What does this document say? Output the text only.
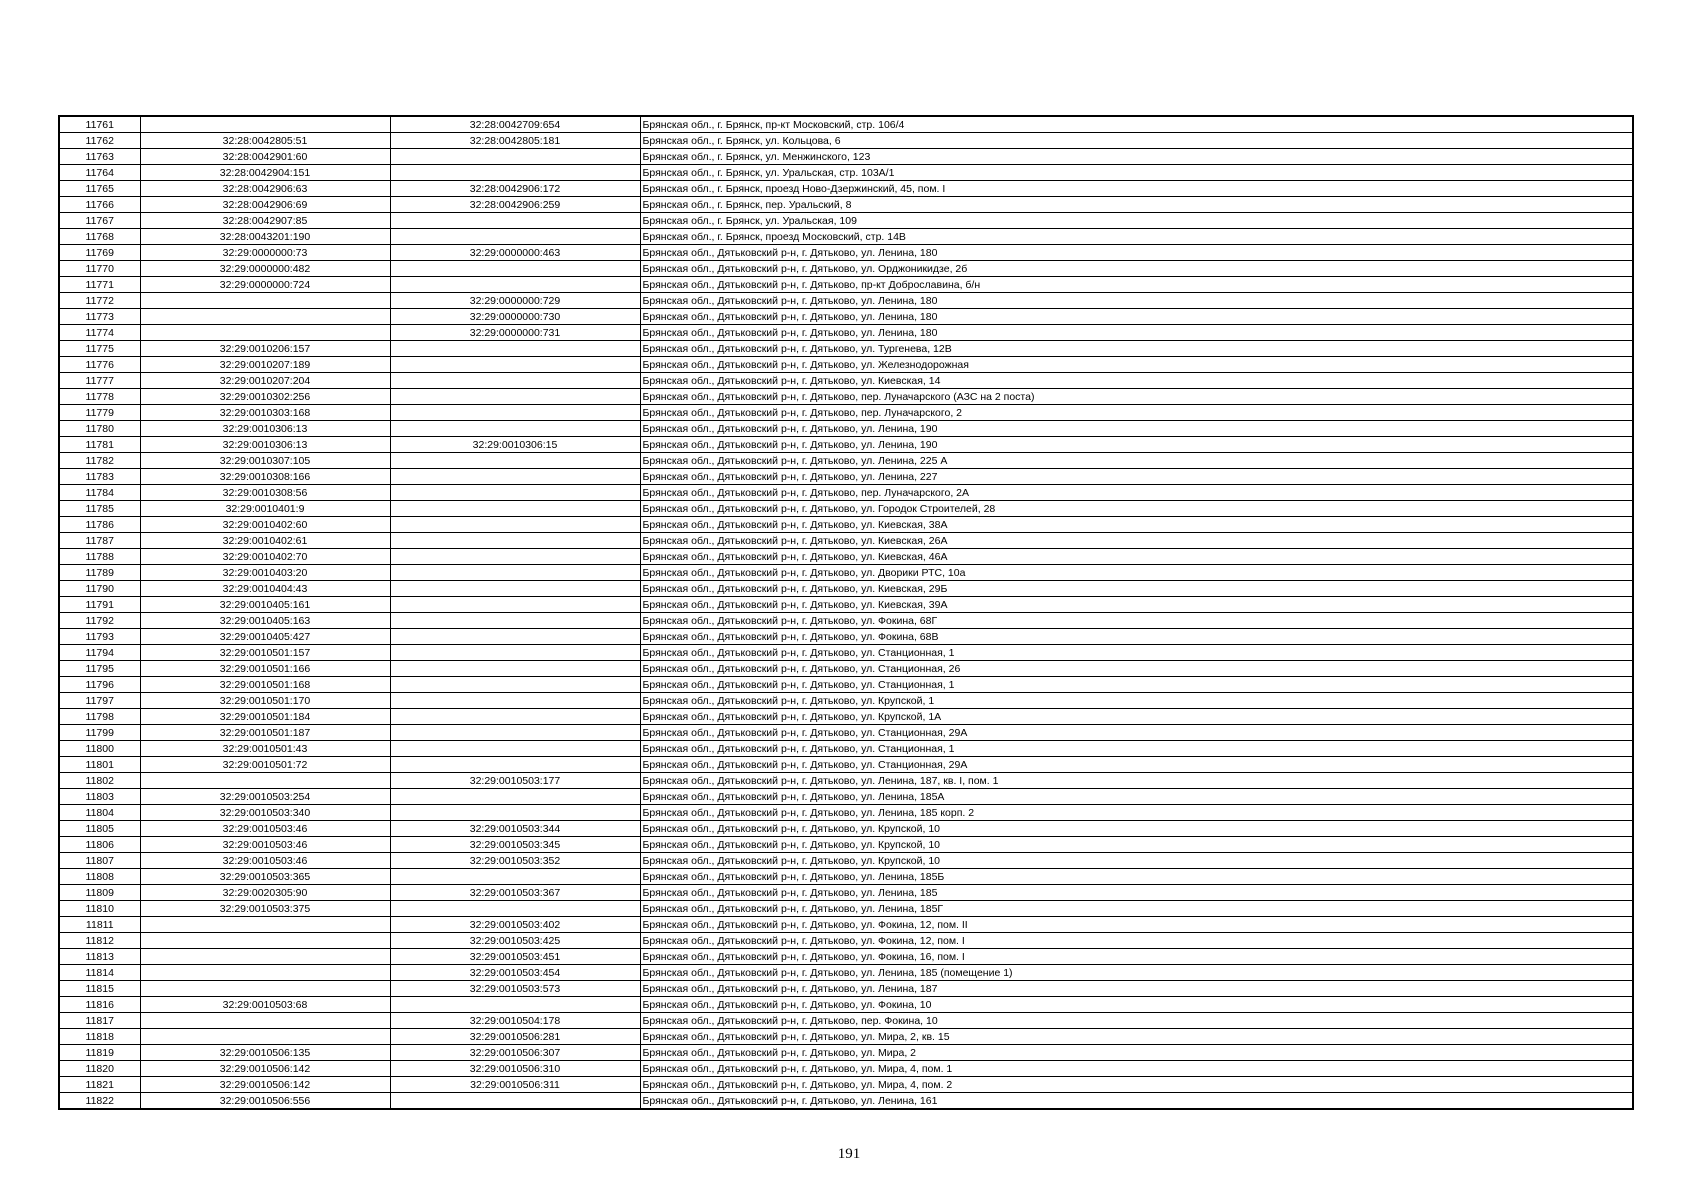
11761		32:28:0042709:654	Брянская обл., г. Брянск, пр-кт Московский, стр. 106/4
11762	32:28:0042805:51	32:28:0042805:181	Брянская обл., г. Брянск, ул. Кольцова, 6
11763	32:28:0042901:60		Брянская обл., г. Брянск, ул. Менжинского, 123
11764	32:28:0042904:151		Брянская обл., г. Брянск, ул. Уральская, стр. 103А/1
11765	32:28:0042906:63	32:28:0042906:172	Брянская обл., г. Брянск, проезд Ново-Дзержинский, 45, пом. I
11766	32:28:0042906:69	32:28:0042906:259	Брянская обл., г. Брянск, пер. Уральский, 8
11767	32:28:0042907:85		Брянская обл., г. Брянск, ул. Уральская, 109
11768	32:28:0043201:190		Брянская обл., г. Брянск, проезд Московский, стр. 14В
11769	32:29:0000000:73	32:29:0000000:463	Брянская обл., Дятьковский р-н, г. Дятьково, ул. Ленина, 180
11770	32:29:0000000:482		Брянская обл., Дятьковский р-н, г. Дятьково, ул. Орджоникидзе, 2б
11771	32:29:0000000:724		Брянская обл., Дятьковский р-н, г. Дятьково, пр-кт Доброславина, б/н
11772		32:29:0000000:729	Брянская обл., Дятьковский р-н, г. Дятьково, ул. Ленина, 180
11773		32:29:0000000:730	Брянская обл., Дятьковский р-н, г. Дятьково, ул. Ленина, 180
11774		32:29:0000000:731	Брянская обл., Дятьковский р-н, г. Дятьково, ул. Ленина, 180
11775	32:29:0010206:157		Брянская обл., Дятьковский р-н, г. Дятьково, ул. Тургенева, 12В
11776	32:29:0010207:189		Брянская обл., Дятьковский р-н, г. Дятьково, ул. Железнодорожная
11777	32:29:0010207:204		Брянская обл., Дятьковский р-н, г. Дятьково, ул. Киевская, 14
11778	32:29:0010302:256		Брянская обл., Дятьковский р-н, г. Дятьково, пер. Луначарского (АЗС на 2 поста)
11779	32:29:0010303:168		Брянская обл., Дятьковский р-н, г. Дятьково, пер. Луначарского, 2
11780	32:29:0010306:13		Брянская обл., Дятьковский р-н, г. Дятьково, ул. Ленина, 190
11781	32:29:0010306:13	32:29:0010306:15	Брянская обл., Дятьковский р-н, г. Дятьково, ул. Ленина, 190
11782	32:29:0010307:105		Брянская обл., Дятьковский р-н, г. Дятьково, ул. Ленина, 225 А
11783	32:29:0010308:166		Брянская обл., Дятьковский р-н, г. Дятьково, ул. Ленина, 227
11784	32:29:0010308:56		Брянская обл., Дятьковский р-н, г. Дятьково, пер. Луначарского, 2А
11785	32:29:0010401:9		Брянская обл., Дятьковский р-н, г. Дятьково, ул. Городок Строителей, 28
11786	32:29:0010402:60		Брянская обл., Дятьковский р-н, г. Дятьково, ул. Киевская, 38А
11787	32:29:0010402:61		Брянская обл., Дятьковский р-н, г. Дятьково, ул. Киевская, 26А
11788	32:29:0010402:70		Брянская обл., Дятьковский р-н, г. Дятьково, ул. Киевская, 46А
11789	32:29:0010403:20		Брянская обл., Дятьковский р-н, г. Дятьково, ул. Дворики РТС, 10а
11790	32:29:0010404:43		Брянская обл., Дятьковский р-н, г. Дятьково, ул. Киевская, 29Б
11791	32:29:0010405:161		Брянская обл., Дятьковский р-н, г. Дятьково, ул. Киевская, 39А
11792	32:29:0010405:163		Брянская обл., Дятьковский р-н, г. Дятьково, ул. Фокина, 68Г
11793	32:29:0010405:427		Брянская обл., Дятьковский р-н, г. Дятьково, ул. Фокина, 68В
11794	32:29:0010501:157		Брянская обл., Дятьковский р-н, г. Дятьково, ул. Станционная, 1
11795	32:29:0010501:166		Брянская обл., Дятьковский р-н, г. Дятьково, ул. Станционная, 26
11796	32:29:0010501:168		Брянская обл., Дятьковский р-н, г. Дятьково, ул. Станционная, 1
11797	32:29:0010501:170		Брянская обл., Дятьковский р-н, г. Дятьково, ул. Крупской, 1
11798	32:29:0010501:184		Брянская обл., Дятьковский р-н, г. Дятьково, ул. Крупской, 1А
11799	32:29:0010501:187		Брянская обл., Дятьковский р-н, г. Дятьково, ул. Станционная, 29А
11800	32:29:0010501:43		Брянская обл., Дятьковский р-н, г. Дятьково, ул. Станционная, 1
11801	32:29:0010501:72		Брянская обл., Дятьковский р-н, г. Дятьково, ул. Станционная, 29А
11802		32:29:0010503:177	Брянская обл., Дятьковский р-н, г. Дятьково, ул. Ленина, 187, кв. I, пом. 1
11803	32:29:0010503:254		Брянская обл., Дятьковский р-н, г. Дятьково, ул. Ленина, 185А
11804	32:29:0010503:340		Брянская обл., Дятьковский р-н, г. Дятьково, ул. Ленина, 185 корп. 2
11805	32:29:0010503:46	32:29:0010503:344	Брянская обл., Дятьковский р-н, г. Дятьково, ул. Крупской, 10
11806	32:29:0010503:46	32:29:0010503:345	Брянская обл., Дятьковский р-н, г. Дятьково, ул. Крупской, 10
11807	32:29:0010503:46	32:29:0010503:352	Брянская обл., Дятьковский р-н, г. Дятьково, ул. Крупской, 10
11808	32:29:0010503:365		Брянская обл., Дятьковский р-н, г. Дятьково, ул. Ленина, 185Б
11809	32:29:0020305:90	32:29:0010503:367	Брянская обл., Дятьковский р-н, г. Дятьково, ул. Ленина, 185
11810	32:29:0010503:375		Брянская обл., Дятьковский р-н, г. Дятьково, ул. Ленина, 185Г
11811		32:29:0010503:402	Брянская обл., Дятьковский р-н, г. Дятьково, ул. Фокина, 12, пом. II
11812		32:29:0010503:425	Брянская обл., Дятьковский р-н, г. Дятьково, ул. Фокина, 12, пом. I
11813		32:29:0010503:451	Брянская обл., Дятьковский р-н, г. Дятьково, ул. Фокина, 16, пом. I
11814		32:29:0010503:454	Брянская обл., Дятьковский р-н, г. Дятьково, ул. Ленина, 185 (помещение 1)
11815		32:29:0010503:573	Брянская обл., Дятьковский р-н, г. Дятьково, ул. Ленина, 187
11816	32:29:0010503:68		Брянская обл., Дятьковский р-н, г. Дятьково, ул. Фокина, 10
11817		32:29:0010504:178	Брянская обл., Дятьковский р-н, г. Дятьково, пер. Фокина, 10
11818		32:29:0010506:281	Брянская обл., Дятьковский р-н, г. Дятьково, ул. Мира, 2, кв. 15
11819	32:29:0010506:135	32:29:0010506:307	Брянская обл., Дятьковский р-н, г. Дятьково, ул. Мира, 2
11820	32:29:0010506:142	32:29:0010506:310	Брянская обл., Дятьковский р-н, г. Дятьково, ул. Мира, 4, пом. 1
11821	32:29:0010506:142	32:29:0010506:311	Брянская обл., Дятьковский р-н, г. Дятьково, ул. Мира, 4, пом. 2
11822	32:29:0010506:556		Брянская обл., Дятьковский р-н, г. Дятьково, ул. Ленина, 161
191
